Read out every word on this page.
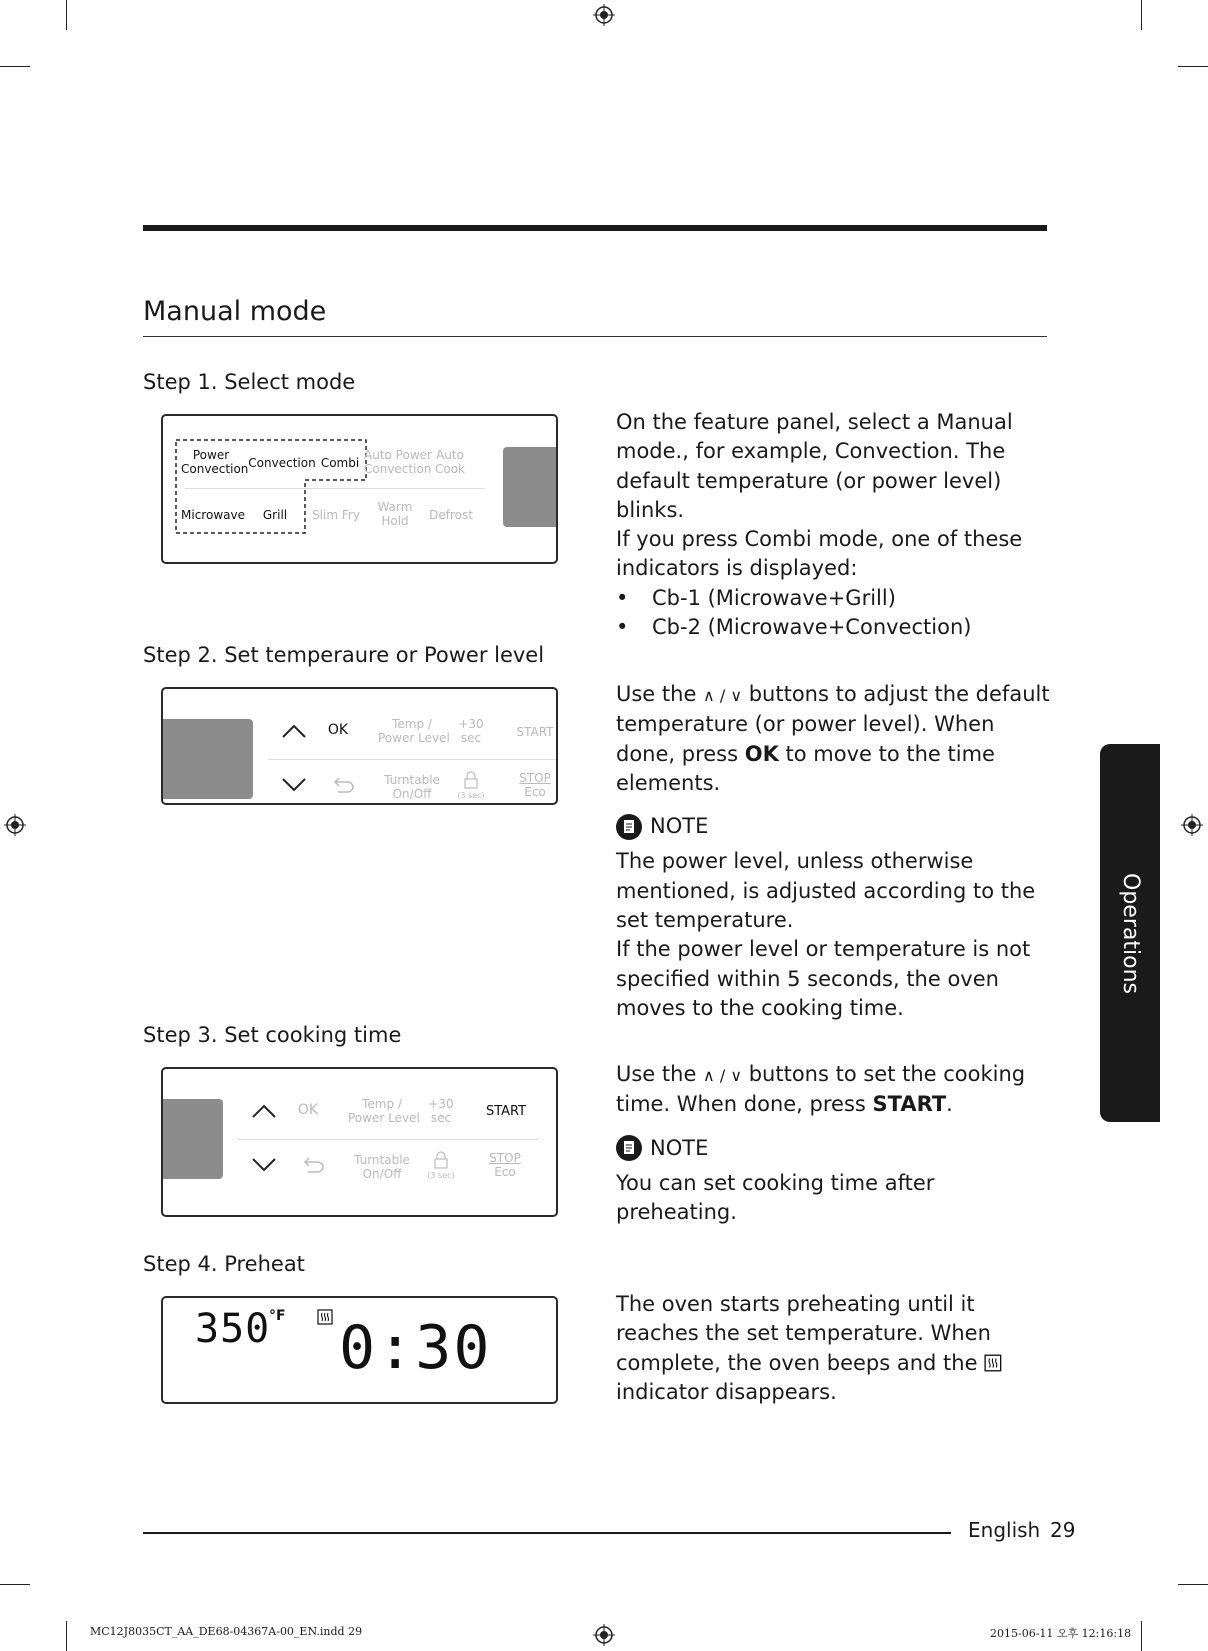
Manual mode
Operations
Step 1. Select mode
Power
Convection Convection Combi
Auto Power
Convection
Auto
Cook
Microwave	Grill	Slim Fry
Warm
Hold	Defrost

On the feature panel, select a Manual mode., for example, Convection. The default temperature (or power level) blinks.

If you press Combi mode, one of these indicators is displayed:

•	Cb-1 (Microwave+Grill)
•	Cb-2 (Microwave+Convection)
Step 2. Set temperaure or Power level
OK	Temp /
Power Level
Turntable
On/Off
+30
sec
(3 sec)
START
STOP
Eco

Use the ∧ / ∨ buttons to adjust the default temperature (or power level). When done, press OK to move to the time elements.

NOTE

The power level, unless otherwise mentioned, is adjusted according to the set temperature.

If the power level or temperature is not specified within 5 seconds, the oven moves to the cooking time.

Step 3. Set cooking time
OK	Temp /
Power Level
Turntable
On/Off
+30
sec
(3 sec)
START
STOP
Eco

Use the ∧ / ∨ buttons to set the cooking time. When done, press START.

NOTE

You can set cooking time after preheating.

Step 4. Preheat
350
°F 0:30

The oven starts preheating until it reaches the set temperature. When complete, the oven beeps and the  indicator disappears.

English 29
MC12J8035CT_AA_DE68-04367A-00_EN.indd 29	2015-06-11 오후 12:16:18
